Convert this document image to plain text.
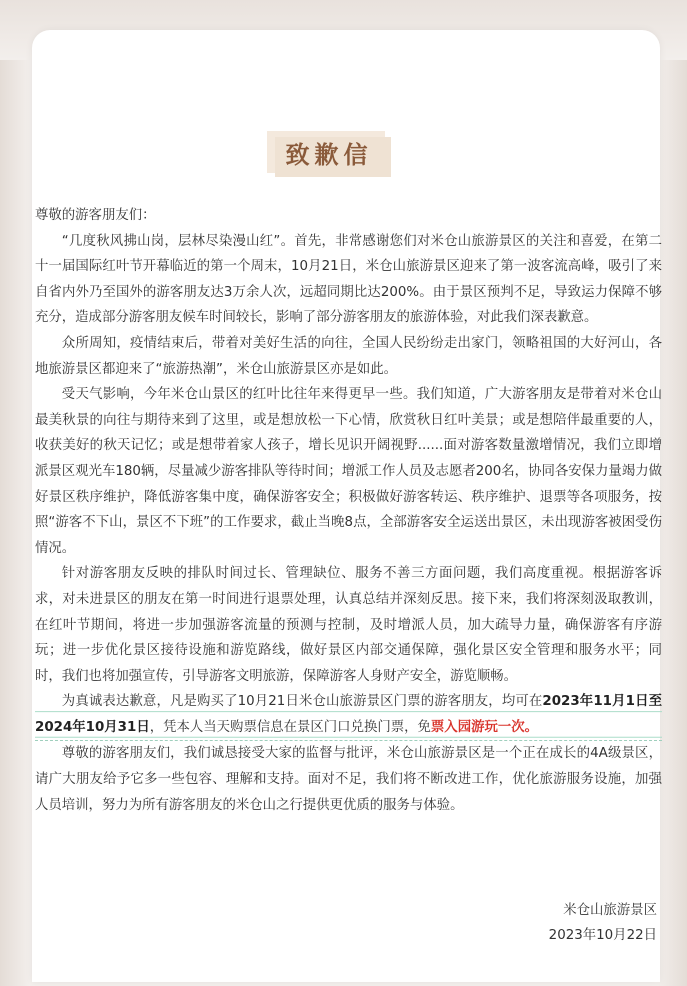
致歉信

尊敬的游客朋友们：

“几度秋风拂山岗，层林尽染漫山红”。首先，非常感谢您们对米仓山旅游景区的关注和喜爱，在第二十一届国际红叶节开幕临近的第一个周末，10月21日，米仓山旅游景区迎来了第一波客流高峰，吸引了来自省内外乃至国外的游客朋友达3万余人次，远超同期比达200%。由于景区预判不足，导致运力保障不够充分，造成部分游客朋友候车时间较长，影响了部分游客朋友的旅游体验，对此我们深表歉意。

众所周知，疫情结束后，带着对美好生活的向往，全国人民纷纷走出家门，领略祖国的大好河山，各地旅游景区都迎来了“旅游热潮”，米仓山旅游景区亦是如此。

受天气影响，今年米仓山景区的红叶比往年来得更早一些。我们知道，广大游客朋友是带着对米仓山最美秋景的向往与期待来到了这里，或是想放松一下心情，欣赏秋日红叶美景；或是想陪伴最重要的人，收获美好的秋天记忆；或是想带着家人孩子，增长见识开阔视野......面对游客数量激增情况，我们立即增派景区观光车180辆，尽量减少游客排队等待时间；增派工作人员及志愿者200名，协同各安保力量竭力做好景区秩序维护，降低游客集中度，确保游客安全；积极做好游客转运、秩序维护、退票等各项服务，按照“游客不下山，景区不下班”的工作要求，截止当晚8点，全部游客安全运送出景区，未出现游客被困受伤情况。

针对游客朋友反映的排队时间过长、管理缺位、服务不善三方面问题，我们高度重视。根据游客诉求，对未进景区的朋友在第一时间进行退票处理，认真总结并深刻反思。接下来，我们将深刻汲取教训，在红叶节期间，将进一步加强游客流量的预测与控制，及时增派人员，加大疏导力量，确保游客有序游玩；进一步优化景区接待设施和游览路线，做好景区内部交通保障，强化景区安全管理和服务水平；同时，我们也将加强宣传，引导游客文明旅游，保障游客人身财产安全，游览顺畅。

为真诚表达歉意，凡是购买了10月21日米仓山旅游景区门票的游客朋友，均可在2023年11月1日至2024年10月31日，凭本人当天购票信息在景区门口兑换门票，免票入园游玩一次。

尊敬的游客朋友们，我们诚恳接受大家的监督与批评，米仓山旅游景区是一个正在成长的4A级景区，请广大朋友给予它多一些包容、理解和支持。面对不足，我们将不断改进工作，优化旅游服务设施，加强人员培训，努力为所有游客朋友的米仓山之行提供更优质的服务与体验。

米仓山旅游景区
2023年10月22日
